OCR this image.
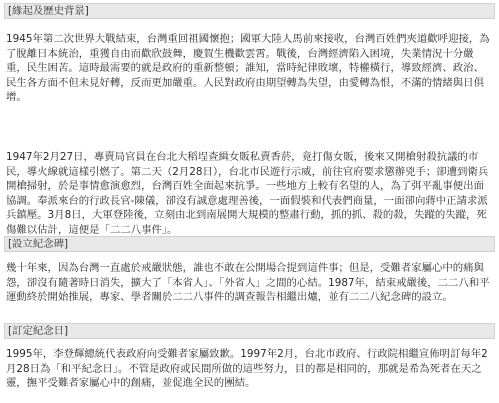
[緣起及歷史背景]

1945年第二次世界大戰結束，台灣重回祖國懷抱；國軍大陸人馬前來接收，台灣百姓們夾道歡呼迎接，為了脫離日本統治，重獲自由而歡欣鼓舞，慶賀生機歡雲霄。戰後，台灣經濟陷入困境，失業情況十分嚴重，民生困苦。這時最需要的就是政府的重新整頓；誰知，當時紀律敗壞，特權橫行，導致經濟、政治、民生各方面不但未見好轉，反而更加嚴重。人民對政府由期望轉為失望，由愛轉為恨，不滿的情緒與日俱增。

1947年2月27日，專賣局官員在台北大稻埕查緝女販私賣香菸，竟打傷女販，後來又開槍射殺抗議的市民，導火線就這樣引燃了。第二天（2月28日），台北市民遊行示威，前往官府要求懲辦兇手；卻遭到衛兵開槍掃射，於是事情愈演愈烈，台灣百姓全面起來抗爭。一些地方上較有名望的人，為了弭平亂事便出面協調。奉派來台的行政長官-陳儀，卻沒有誠意處理善後，一面假裝和代表們商量，一面卻向蔣中正請求派兵鎮壓。3月8日，大軍登陸後，立刻由北到南展開大規模的整肅行動，抓的抓、殺的殺，失蹤的失蹤，死傷難以估計，這便是「二二八事件」。

[設立紀念碑]

幾十年來，因為台灣一直處於戒嚴狀態，誰也不敢在公開場合提到這件事；但是，受難者家屬心中的痛與怨，卻沒有隨著時日消失，擴大了「本省人」、「外省人」之間的心結。1987年，結束戒嚴後，二二八和平運動終於開始推展，專家、學者關於二二八事件的調查報告相繼出爐，並有二二八紀念碑的設立。

[訂定紀念日]

1995年，李登輝總統代表政府向受難者家屬致歉。1997年2月，台北市政府、行政院相繼宣佈明訂每年2月28日為「和平紀念日」。不管是政府或民間所做的這些努力，目的都是相同的，那就是希為死者在天之靈，撫平受難者家屬心中的創痛，並促進全民的團結。
